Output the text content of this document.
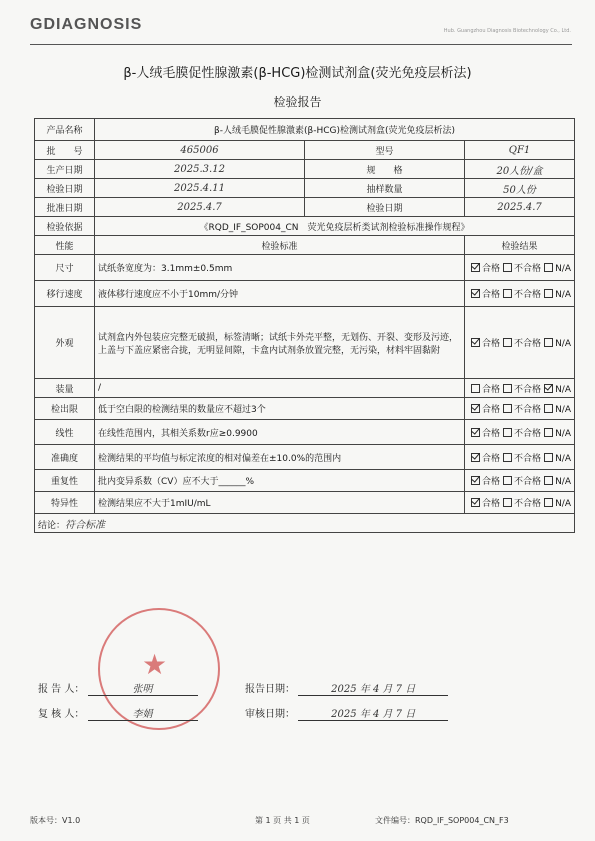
GDIAGNOSIS	Hub. Guangzhou Diagnosis Biotechnology Co., Ltd.
β-人绒毛膜促性腺激素(β-HCG)检测试剂盒(荧光免疫层析法)
检验报告
产品名称	β-人绒毛膜促性腺激素(β-HCG)检测试剂盒(荧光免疫层析法)		
批　　号	465006	型号	QF1
生产日期	2025.3.12	规　　格	20人份/盒
检验日期	2025.4.11	抽样数量	50人份
批准日期	2025.4.7	检验日期	2025.4.7
检验依据	《RQD_IF_SOP004_CN　荧光免疫层析类试剂检验标准操作规程》		
性能	检验标准		检验结果
尺寸	试纸条宽度为：3.1mm±0.5mm		合格 不合格 N/A
移行速度	液体移行速度应不小于10mm/分钟		合格 不合格 N/A
外观	试剂盒内外包装应完整无破损，标签清晰；试纸卡外壳平整，无划伤、开裂、变形及污迹，上盖与下盖应紧密合拢，无明显间隙，卡盒内试剂条放置完整，无污染，材料牢固黏附		合格 不合格 N/A
装量	/		合格 不合格 N/A
检出限	低于空白限的检测结果的数量应不超过3个		合格 不合格 N/A
线性	在线性范围内，其相关系数r应≥0.9900		合格 不合格 N/A
准确度	检测结果的平均值与标定浓度的相对偏差在±10.0%的范围内		合格 不合格 N/A
重复性	批内变异系数（CV）应不大于______%		合格 不合格 N/A
特异性	检测结果应不大于1mIU/mL		合格 不合格 N/A
结论：符合标准			
★
报 告 人：	张明
复 核 人：	李娟
报告日期：	2025 年 4 月 7 日
审核日期：	2025 年 4 月 7 日
版本号：V1.0	第 1 页 共 1 页	文件编号：RQD_IF_SOP004_CN_F3
